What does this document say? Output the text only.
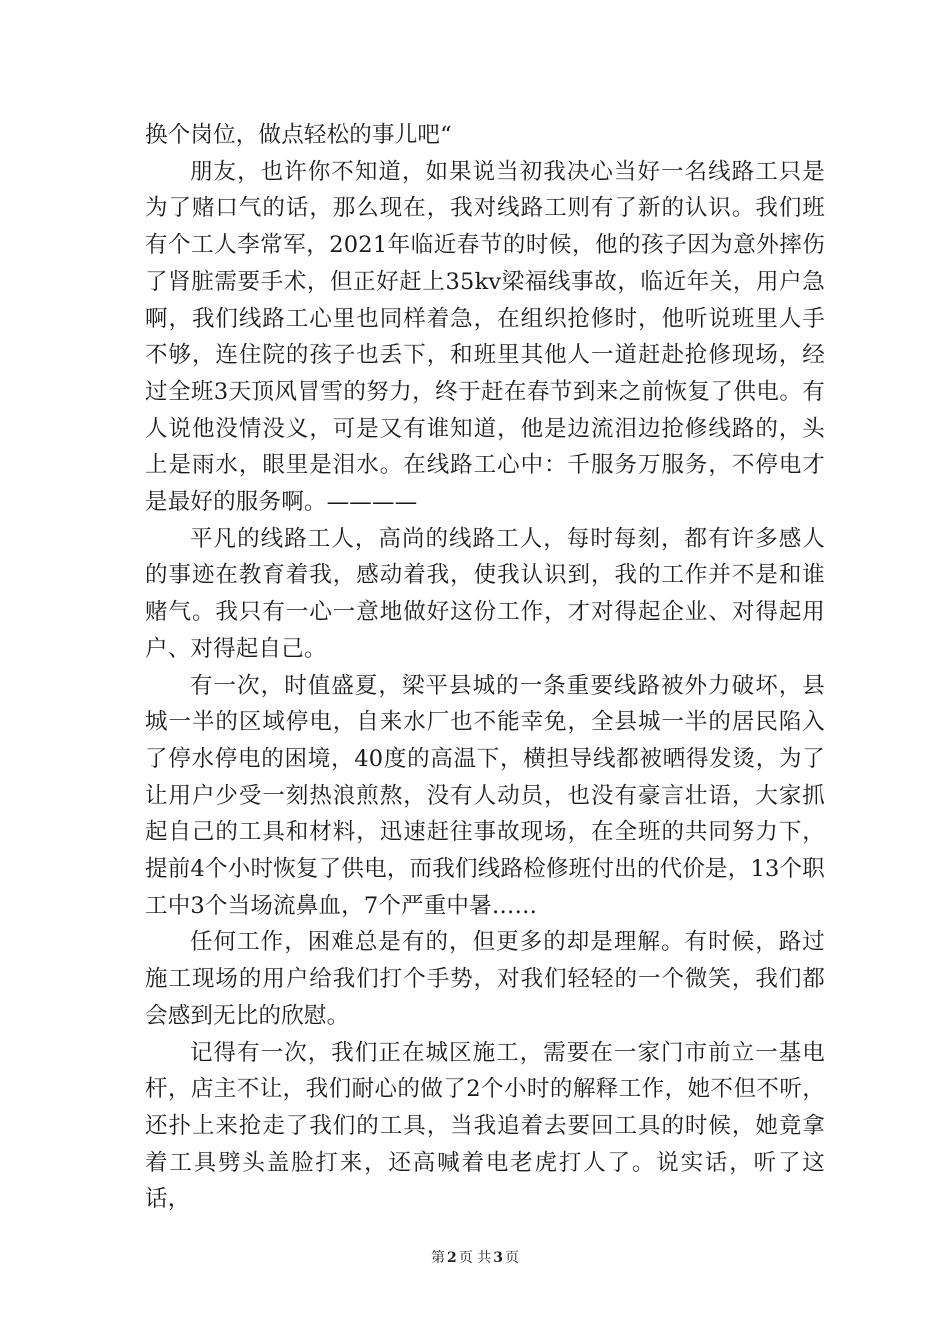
换个岗位，做点轻松的事儿吧“

朋友，也许你不知道，如果说当初我决心当好一名线路工只是为了赌口气的话，那么现在，我对线路工则有了新的认识。我们班有个工人李常军，2021年临近春节的时候，他的孩子因为意外摔伤了肾脏需要手术，但正好赶上35kv梁福线事故，临近年关，用户急啊，我们线路工心里也同样着急，在组织抢修时，他听说班里人手不够，连住院的孩子也丢下，和班里其他人一道赶赴抢修现场，经过全班3天顶风冒雪的努力，终于赶在春节到来之前恢复了供电。有人说他没情没义，可是又有谁知道，他是边流泪边抢修线路的，头上是雨水，眼里是泪水。在线路工心中：千服务万服务，不停电才是最好的服务啊。————

平凡的线路工人，高尚的线路工人，每时每刻，都有许多感人的事迹在教育着我，感动着我，使我认识到，我的工作并不是和谁赌气。我只有一心一意地做好这份工作，才对得起企业、对得起用户、对得起自己。

有一次，时值盛夏，梁平县城的一条重要线路被外力破坏，县城一半的区域停电，自来水厂也不能幸免，全县城一半的居民陷入了停水停电的困境，40度的高温下，横担导线都被晒得发烫，为了让用户少受一刻热浪煎熬，没有人动员，也没有豪言壮语，大家抓起自己的工具和材料，迅速赶往事故现场，在全班的共同努力下，提前4个小时恢复了供电，而我们线路检修班付出的代价是，13个职工中3个当场流鼻血，7个严重中暑……

任何工作，困难总是有的，但更多的却是理解。有时候，路过施工现场的用户给我们打个手势，对我们轻轻的一个微笑，我们都会感到无比的欣慰。

记得有一次，我们正在城区施工，需要在一家门市前立一基电杆，店主不让，我们耐心的做了2个小时的解释工作，她不但不听，还扑上来抢走了我们的工具，当我追着去要回工具的时候，她竟拿着工具劈头盖脸打来，还高喊着电老虎打人了。说实话，听了这话，

第 2 页 共 3 页
